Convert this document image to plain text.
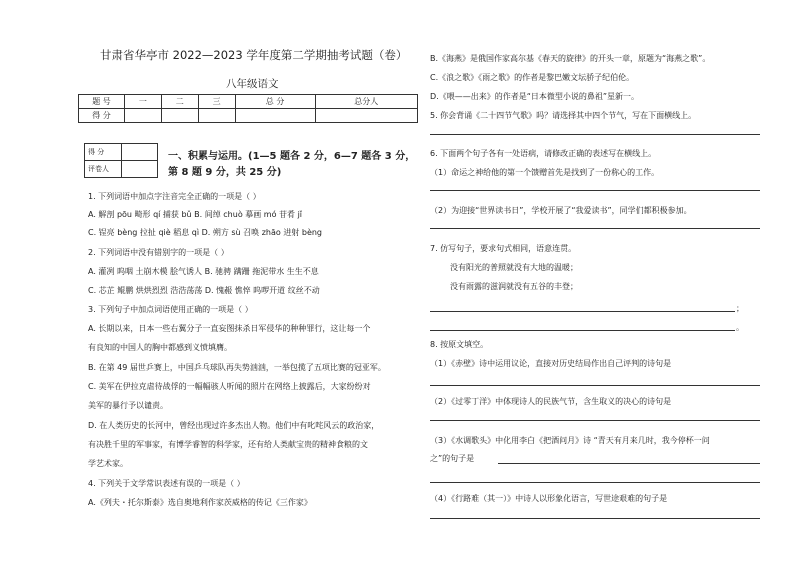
甘肃省华亭市 2022—2023 学年度第二学期抽考试题（卷）
八年级语文
题 号	一	二	三	总 分	总分人
得 分					
得 分	
评卷人	
一、积累与运用。(1—5 题各 2 分，6—7 题各 3 分，
第 8 题 9 分，共 25 分)
1. 下列词语中加点字注音完全正确的一项是（ ）
A. 解剖 pōu 畸形 qí 捕获 bǔ B. 间绰 chuò 摹画 mó 苷肴 jǐ
C. 锃亮 bèng 拉扯 qiè 稻息 qì D. 朔方 sù 召唤 zhāo 进射 bèng
2. 下列词语中没有错别字的一项是（ ）
A. 灌冽 呜咽 土崩木模 脍气诱人 B. 驰骋 蹒跚 拖泥带水 生生不息
C. 芯芷 鲲鹏 烘烘烈烈 浩浩荡荡 D. 愧赧 憔悴 呜啰开道 纹丝不动
3. 下列句子中加点词语使用正确的一项是（ ）
A. 长期以来，日本一些右翼分子一直妄图抹杀日军侵华的种种罪行，这让每一个
有良知的中国人的胸中都感到义愤填膺。
B. 在第 49 届世乒赛上，中国乒乓球队再失势汹汹，一举包揽了五项比赛的冠亚军。
C. 美军在伊拉克虐待战俘的一幅幅骇人听闻的照片在网络上披露后，大家纷纷对
美军的暴行予以谴责。
D. 在人类历史的长河中，曾经出现过许多杰出人物。他们中有叱咤风云的政治家，
有决胜千里的军事家，有博学睿智的科学家，还有给人类献宝贵的精神食粮的文
学艺术家。
4. 下列关于文学常识表述有误的一项是（ ）
A.《列夫・托尔斯泰》选自奥地利作家茨威格的传记《三作家》
B.《海燕》是俄国作家高尔基《春天的旋律》的开头一章，原题为“海燕之歌”。
C.《浪之歌》《雨之歌》的作者是黎巴嫩文坛骄子纪伯伦。
D.《喂——出来》的作者是“日本微型小说的鼻祖”星新一。
5. 你会背诵《二十四节气歌》吗？请选择其中四个节气，写在下面横线上。
6. 下面两个句子各有一处语病，请修改正确的表述写在横线上。
（1）命运之神给他的第一个馈赠首先是找到了一份称心的工作。
（2）为迎接“世界读书日”，学校开展了“我爱读书”，同学们都积极参加。
7. 仿写句子，要求句式相同，语意连贯。
没有阳光的普照就没有大地的温暖；
没有雨露的滋润就没有五谷的丰登；
；
。
8. 按原文填空。
（1）《赤壁》诗中运用议论，直接对历史结局作出自己评判的诗句是
（2）《过零丁洋》中体现诗人的民族气节，含生取义的决心的诗句是
（3）《水调歌头》中化用李白《把酒问月》诗 “青天有月来几时，我今停杯一问
之”的句子是
（4）《行路难（其一）》中诗人以形象化语言，写世途艰难的句子是
